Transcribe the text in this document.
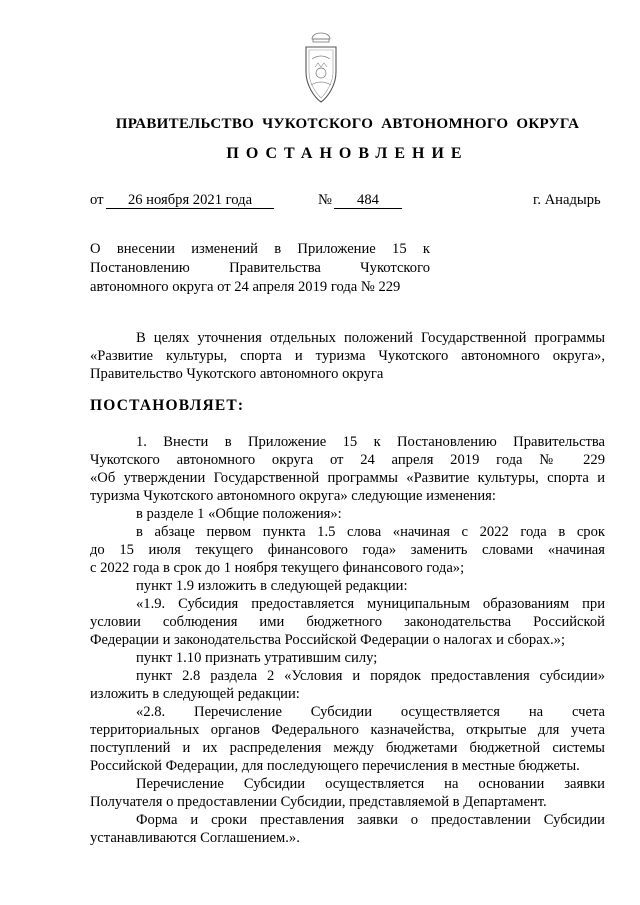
ПРАВИТЕЛЬСТВО ЧУКОТСКОГО АВТОНОМНОГО ОКРУГА
ПОСТАНОВЛЕНИЕ
от	26 ноября 2021 года	№	484	г. Анадырь
О внесении изменений в Приложение 15 к
Постановлению Правительства Чукотского
автономного округа от 24 апреля 2019 года № 229
В целях уточнения отдельных положений Государственной программы
«Развитие культуры, спорта и туризма Чукотского автономного округа»,
Правительство Чукотского автономного округа
ПОСТАНОВЛЯЕТ:
1. Внести в Приложение 15 к Постановлению Правительства
Чукотского автономного округа от 24 апреля 2019 года № 229
«Об утверждении Государственной программы «Развитие культуры, спорта и
туризма Чукотского автономного округа» следующие изменения:
в разделе 1 «Общие положения»:
в абзаце первом пункта 1.5 слова «начиная с 2022 года в срок
до 15 июля текущего финансового года» заменить словами «начиная
с 2022 года в срок до 1 ноября текущего финансового года»;
пункт 1.9 изложить в следующей редакции:
«1.9. Субсидия предоставляется муниципальным образованиям при
условии соблюдения ими бюджетного законодательства Российской
Федерации и законодательства Российской Федерации о налогах и сборах.»;
пункт 1.10 признать утратившим силу;
пункт 2.8 раздела 2 «Условия и порядок предоставления субсидии»
изложить в следующей редакции:
«2.8. Перечисление Субсидии осуществляется на счета
территориальных органов Федерального казначейства, открытые для учета
поступлений и их распределения между бюджетами бюджетной системы
Российской Федерации, для последующего перечисления в местные бюджеты.
Перечисление Субсидии осуществляется на основании заявки
Получателя о предоставлении Субсидии, представляемой в Департамент.
Форма и сроки преставления заявки о предоставлении Субсидии
устанавливаются Соглашением.».
